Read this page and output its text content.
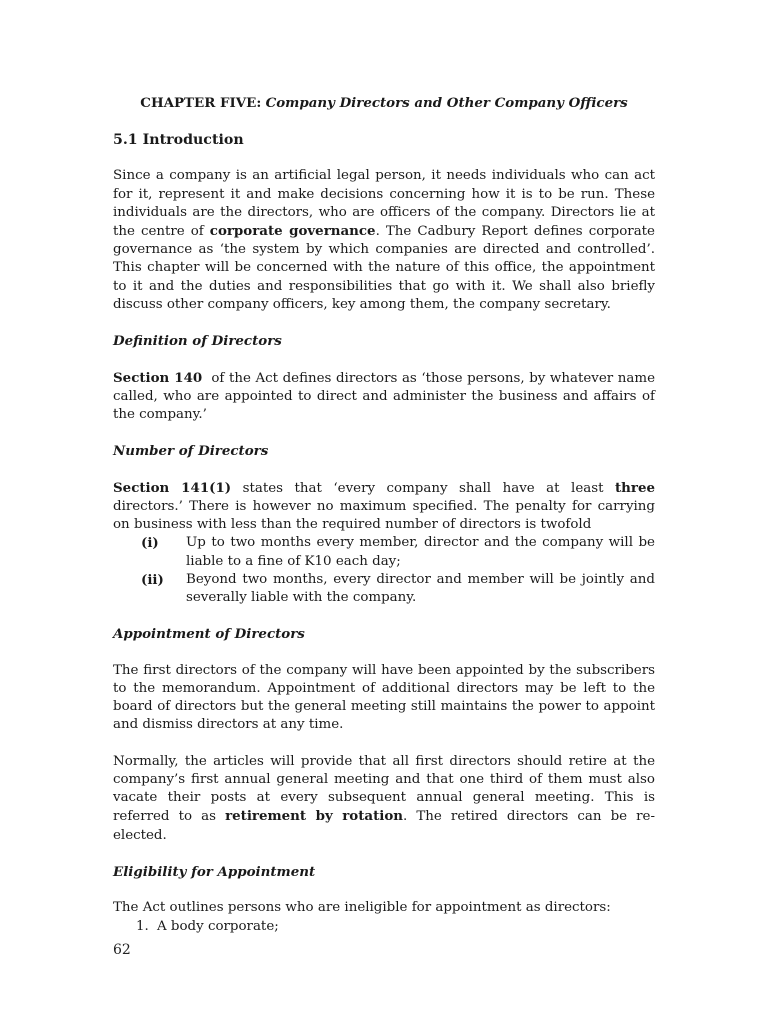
CHAPTER FIVE: Company Directors and Other Company Officers
5.1 Introduction

Since a company is an artificial legal person, it needs individuals who can act for it, represent it and make decisions concerning how it is to be run. These individuals are the directors, who are officers of the company. Directors lie at the centre of corporate governance. The Cadbury Report defines corporate governance as ‘the system by which companies are directed and controlled’. This chapter will be concerned with the nature of this office, the appointment to it and the duties and responsibilities that go with it. We shall also briefly discuss other company officers, key among them, the company secretary.

Definition of Directors

Section 140  of the Act defines directors as ‘those persons, by whatever name called, who are appointed to direct and administer the business and affairs of the company.’

Number of Directors

Section 141(1) states that ‘every company shall have at least three directors.’ There is however no maximum specified. The penalty for carrying on business with less than the required number of directors is twofold

(i)	Up to two months every member, director and the company will be liable to a fine of K10 each day;
(ii)	Beyond two months, every director and member will be jointly and severally liable with the company.
Appointment of Directors

The first directors of the company will have been appointed by the subscribers to the memorandum. Appointment of additional directors may be left to the board of directors but the general meeting still maintains the power to appoint and dismiss directors at any time.

Normally, the articles will provide that all first directors should retire at the company’s first annual general meeting and that one third of them must also vacate their posts at every subsequent annual general meeting. This is referred to as retirement by rotation. The retired directors can be re-elected.

Eligibility for Appointment

The Act outlines persons who are ineligible for appointment as directors:

1. A body corporate;
62
